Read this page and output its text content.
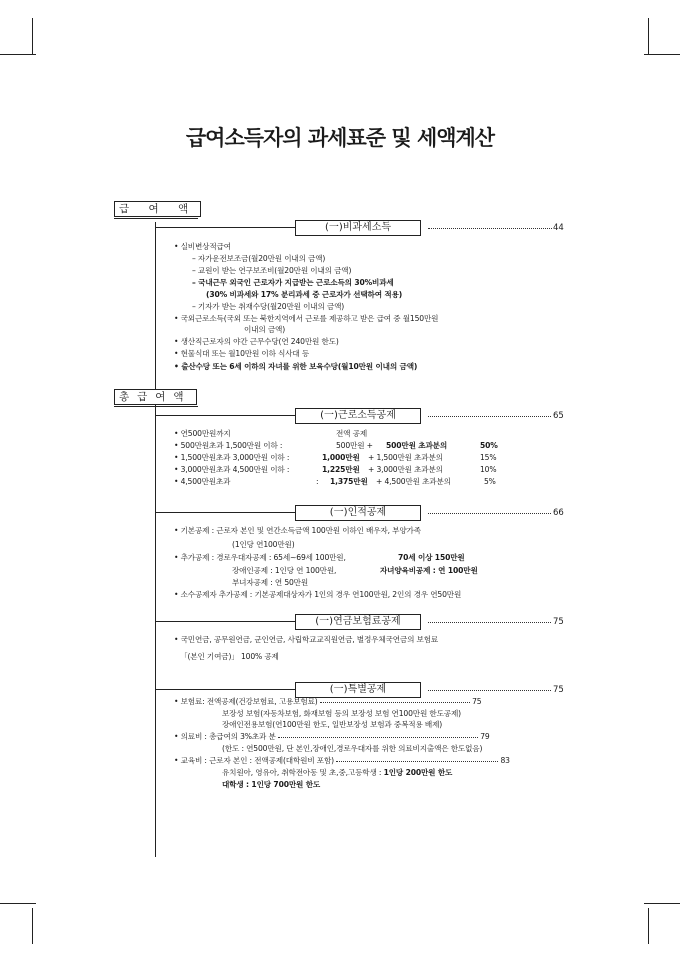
급여소득자의 과세표준 및 세액계산
급 여 액
(一)비과세소득	44
• 실비변상적급여
– 자가운전보조금(월20만원 이내의 금액)
– 교원이 받는 연구보조비(월20만원 이내의 금액)
– 국내근무 외국인 근로자가 지급받는 근로소득의 30%비과세
(30% 비과세와 17% 분리과세 중 근로자가 선택하여 적용)
– 기자가 받는 취재수당(월20만원 이내의 금액)
• 국외근로소득(국외 또는 북한지역에서 근로를 제공하고 받은 급여 중 월150만원
이내의 금액)
• 생산직근로자의 야간 근무수당(연 240만원 한도)
• 현물식대 또는 월10만원 이하 식사대 등
• 출산수당 또는 6세 이하의 자녀를 위한 보육수당(월10만원 이내의 금액)
총급여액
(一)근로소득공제	65
• 연500만원까지	전액 공제
• 500만원초과 1,500만원 이하 :	500만원 + 500만원 초과분의	50%
• 1,500만원초과 3,000만원 이하 :	1,000만원 + 1,500만원 초과분의	15%
• 3,000만원초과 4,500만원 이하 :	1,225만원 + 3,000만원 초과분의	10%
• 4,500만원초과	: 1,375만원 + 4,500만원 초과분의	5%
(一)인적공제	66
• 기본공제 : 근로자 본인 및 연간소득금액 100만원 이하인 배우자, 부양가족
(1인당 연100만원)
• 추가공제 : 경로우대자공제 : 65세~69세 100만원,	70세 이상 150만원
장애인공제 : 1인당 연 100만원,	자녀양육비공제 : 연 100만원
부녀자공제 : 연 50만원
• 소수공제자 추가공제 : 기본공제대상자가 1인의 경우 연100만원, 2인의 경우 연50만원
(一)연금보험료공제	75
• 국민연금, 공무원연금, 군인연금, 사립학교교직원연금, 별정우체국연금의 보험료
「(본인 기여금)」 100% 공제
(一)특별공제	75
• 보험료: 전액공제(건강보험료, 고용보험료)	75
보장성 보험(자동차보험, 화재보험 등의 보장성 보험 연100만원 한도공제)
장애인전용보험(연100만원 한도, 일반보장성 보험과 중복적용 배제)
• 의료비 : 총급여의 3%초과 분	79
(한도 : 연500만원, 단 본인,장애인,경로우대자를 위한 의료비지출액은 한도없음)
• 교육비 : 근로자 본인 : 전액공제(대학원비 포함)	83
유치원아, 영유아, 취학전아동 및 초,중,고등학생 : 1인당 200만원 한도
대학생 : 1인당 700만원 한도
